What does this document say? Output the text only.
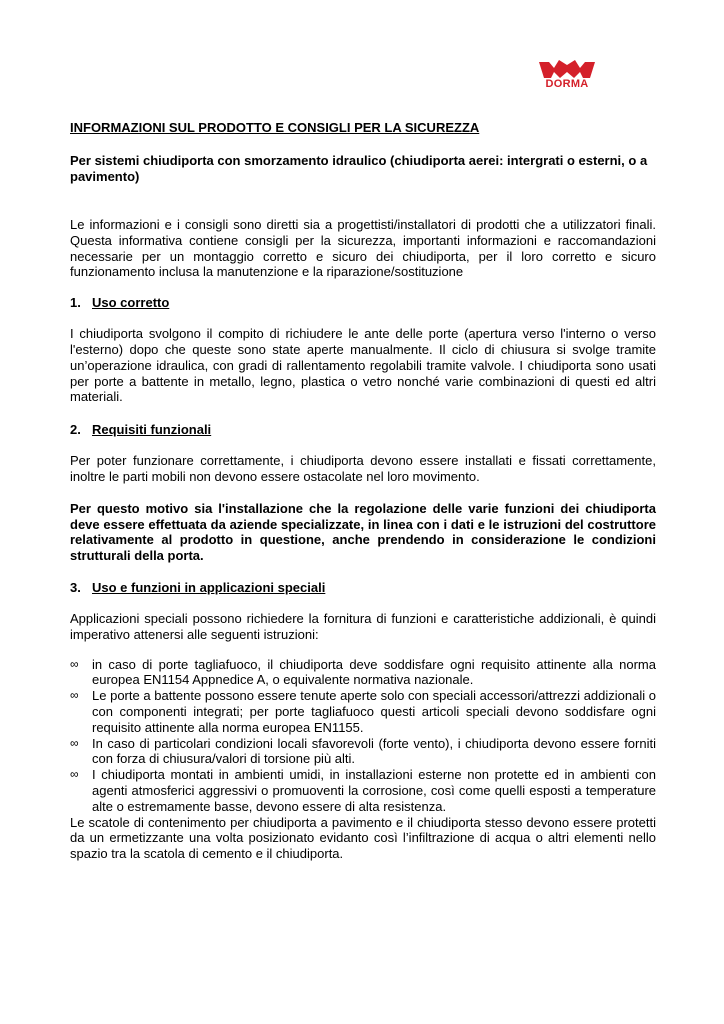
DORMA
INFORMAZIONI SUL PRODOTTO E CONSIGLI PER LA SICUREZZA
Per sistemi chiudiporta con smorzamento idraulico (chiudiporta aerei: intergrati o esterni, o a pavimento)

Le informazioni e i consigli sono diretti sia a progettisti/installatori di prodotti che a utilizzatori finali. Questa informativa contiene consigli per la sicurezza, importanti informazioni e raccomandazioni necessarie per un montaggio corretto e sicuro dei chiudiporta, per il loro corretto e sicuro funzionamento inclusa la manutenzione e la riparazione/sostituzione

1. Uso corretto

I chiudiporta svolgono il compito di richiudere le ante delle porte (apertura verso l'interno o verso l'esterno) dopo che queste sono state aperte manualmente. Il ciclo di chiusura si svolge tramite un’operazione idraulica, con gradi di rallentamento regolabili tramite valvole. I chiudiporta sono usati per porte a battente in metallo, legno, plastica o vetro nonché varie combinazioni di questi ed altri materiali.

2. Requisiti funzionali

Per poter funzionare correttamente, i chiudiporta devono essere installati e fissati correttamente, inoltre le parti mobili non devono essere ostacolate nel loro movimento.

Per questo motivo sia l'installazione che la regolazione delle varie funzioni dei chiudiporta deve essere effettuata da aziende specializzate, in linea con i dati e le istruzioni del costruttore relativamente al prodotto in questione, anche prendendo in considerazione le condizioni strutturali della porta.

3. Uso e funzioni in applicazioni speciali

Applicazioni speciali possono richiedere la fornitura di funzioni e caratteristiche addizionali, è quindi imperativo attenersi alle seguenti istruzioni:

∞	in caso di porte tagliafuoco, il chiudiporta deve soddisfare ogni requisito attinente alla norma europea EN1154 Appnedice A, o equivalente normativa nazionale.
∞	Le porte a battente possono essere tenute aperte solo con speciali accessori/attrezzi addizionali o con componenti integrati; per porte tagliafuoco questi articoli speciali devono soddisfare ogni requisito attinente alla norma europea EN1155.
∞	In caso di particolari condizioni locali sfavorevoli (forte vento), i chiudiporta devono essere forniti con forza di chiusura/valori di torsione più alti.
∞	I chiudiporta montati in ambienti umidi, in installazioni esterne non protette ed in ambienti con agenti atmosferici aggressivi o promuoventi la corrosione, così come quelli esposti a temperature alte o estremamente basse, devono essere di alta resistenza.

Le scatole di contenimento per chiudiporta a pavimento e il chiudiporta stesso devono essere protetti da un ermetizzante una volta posizionato evidanto così l’infiltrazione di acqua o altri elementi nello spazio tra la scatola di cemento e il chiudiporta.
